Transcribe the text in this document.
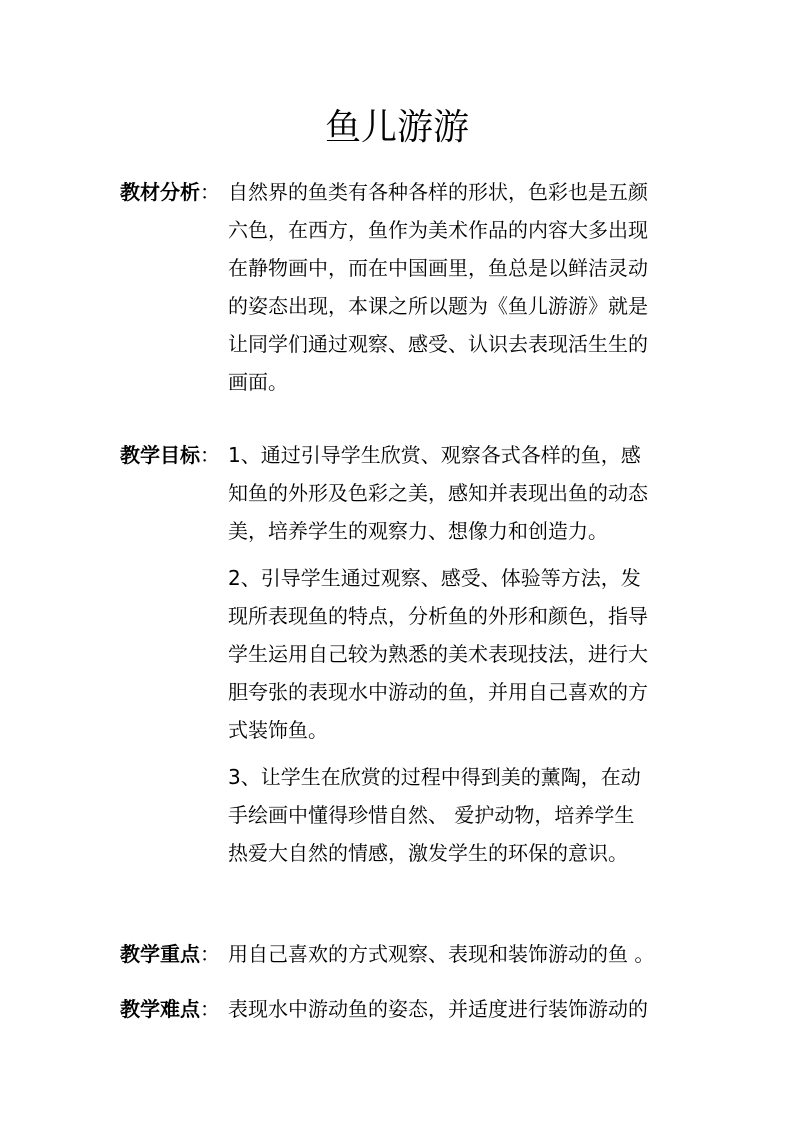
鱼儿游游
教材分析： 自然界的鱼类有各种各样的形状，色彩也是五颜
六色，在西方，鱼作为美术作品的内容大多出现
在静物画中，而在中国画里，鱼总是以鲜洁灵动
的姿态出现，本课之所以题为《鱼儿游游》就是
让同学们通过观察、感受、认识去表现活生生的
画面。
教学目标： 1、通过引导学生欣赏、观察各式各样的鱼，感
知鱼的外形及色彩之美，感知并表现出鱼的动态
美，培养学生的观察力、想像力和创造力。
2、引导学生通过观察、感受、体验等方法，发
现所表现鱼的特点，分析鱼的外形和颜色，指导
学生运用自己较为熟悉的美术表现技法，进行大
胆夸张的表现水中游动的鱼，并用自己喜欢的方
式装饰鱼。
3、让学生在欣赏的过程中得到美的薰陶，在动
手绘画中懂得珍惜自然、 爱护动物，培养学生
热爱大自然的情感，激发学生的环保的意识。
教学重点： 用自己喜欢的方式观察、表现和装饰游动的鱼 。
教学难点： 表现水中游动鱼的姿态，并适度进行装饰游动的
